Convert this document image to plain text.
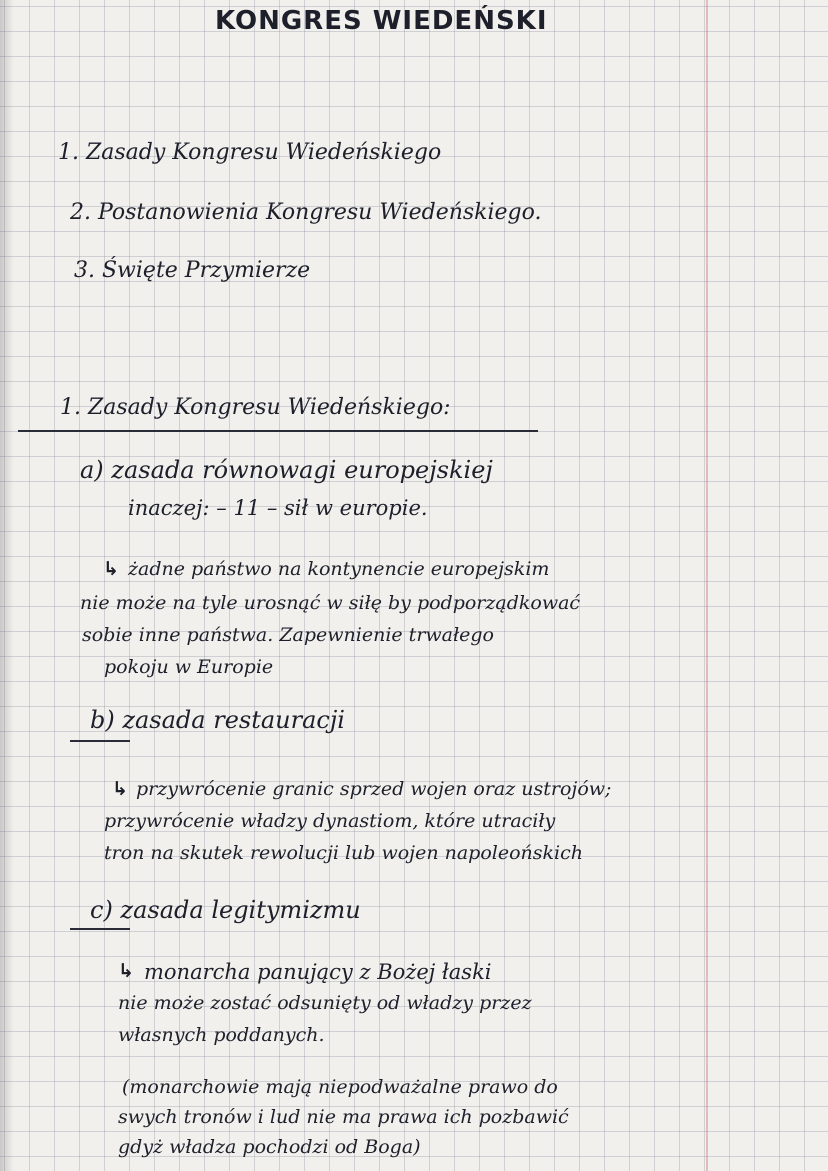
KONGRES WIEDEŃSKI
1. Zasady Kongresu Wiedeńskiego
2. Postanowienia Kongresu Wiedeńskiego.
3. Święte Przymierze
1. Zasady Kongresu Wiedeńskiego:
a) zasada równowagi europejskiej
inaczej: – 11 – sił w europie.
↳ żadne państwo na kontynencie europejskim
nie może na tyle urosnąć w siłę by podporządkować
sobie inne państwa. Zapewnienie trwałego
pokoju w Europie
b) zasada restauracji
↳ przywrócenie granic sprzed wojen oraz ustrojów;
przywrócenie władzy dynastiom, które utraciły
tron na skutek rewolucji lub wojen napoleońskich
c) zasada legitymizmu
↳ monarcha panujący z Bożej łaski
nie może zostać odsunięty od władzy przez
własnych poddanych.
(monarchowie mają niepodważalne prawo do
swych tronów i lud nie ma prawa ich pozbawić
gdyż władza pochodzi od Boga)
